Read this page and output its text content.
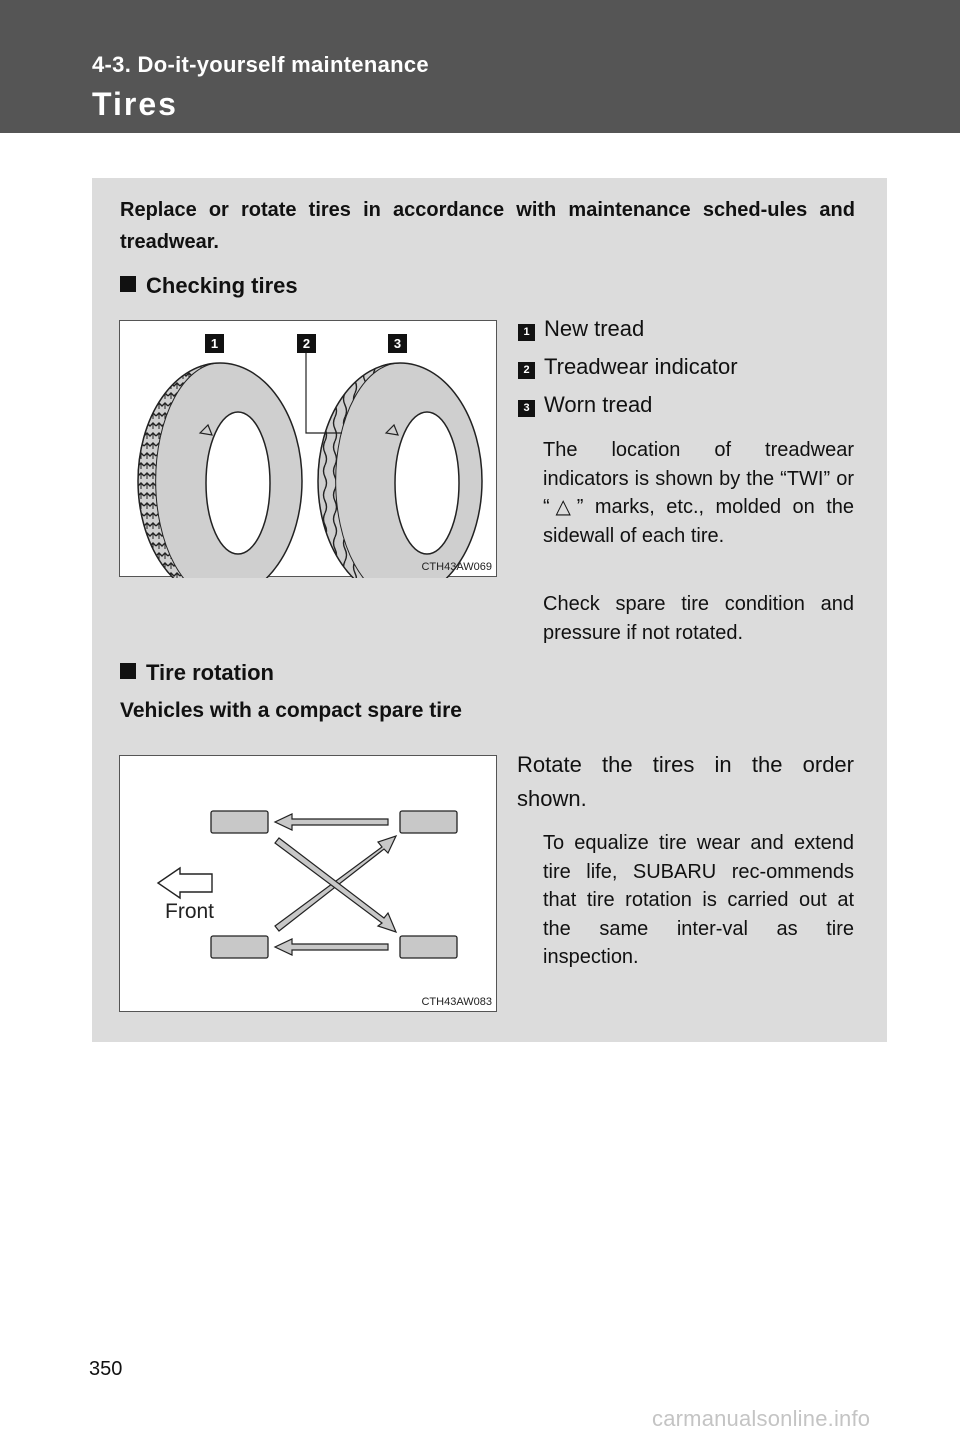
4-3. Do-it-yourself maintenance
Tires
Replace or rotate tires in accordance with maintenance sched-ules and treadwear.
Checking tires
1	2	3
CTH43AW069
1 New tread
2 Treadwear indicator
3 Worn tread
The location of treadwear indicators is shown by the “TWI” or “△” marks, etc., molded on the sidewall of each tire.
Check spare tire condition and pressure if not rotated.
Tire rotation
Vehicles with a compact spare tire
Front
CTH43AW083
Rotate the tires in the order shown.
To equalize tire wear and extend tire life, SUBARU rec-ommends that tire rotation is carried out at the same inter-val as tire inspection.
350
carmanualsonline.info
